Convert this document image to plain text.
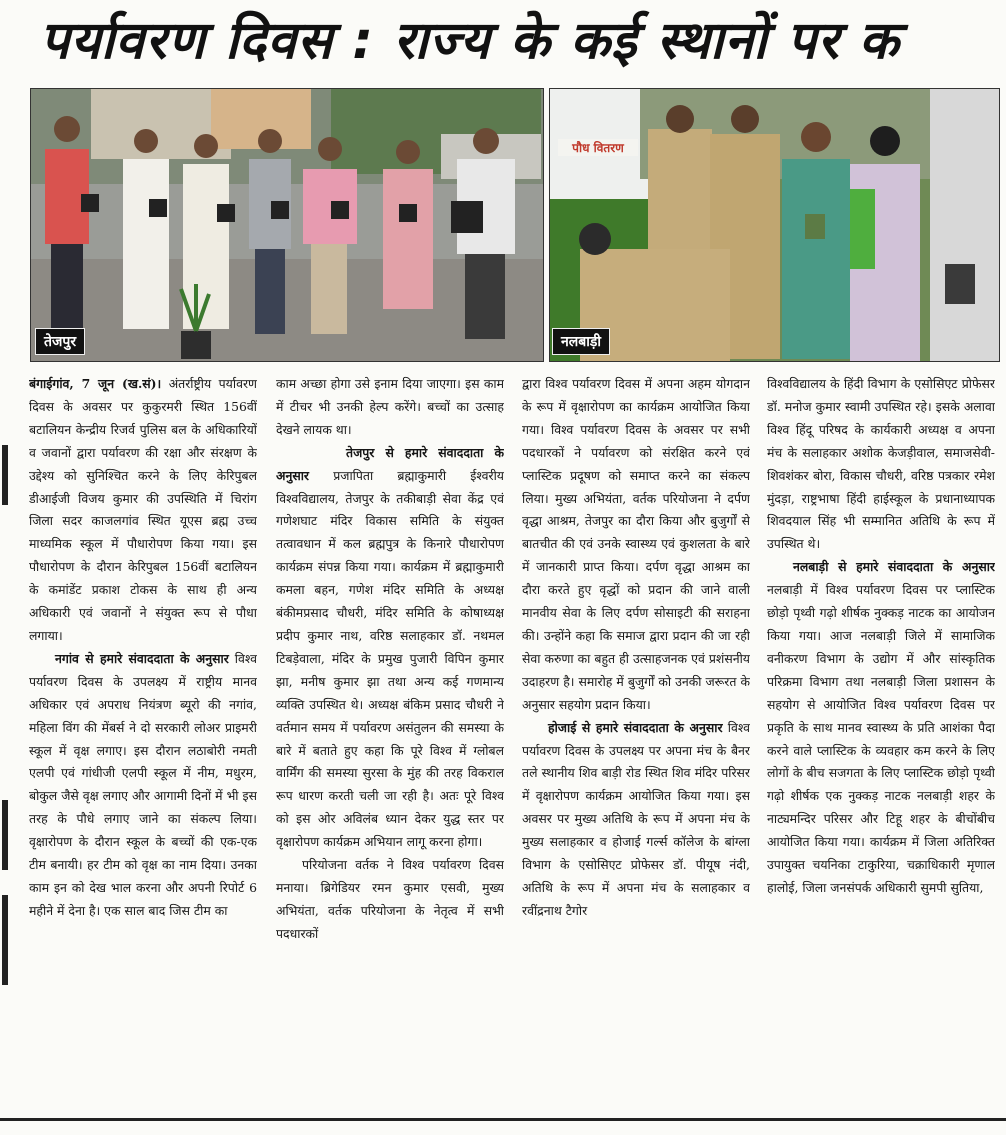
पर्यावरण दिवस : राज्य के कई स्थानों पर क
तेजपुर
पौध वितरण
नलबाड़ी

बंगाईगांव, 7 जून (ख.सं)। अंतर्राष्ट्रीय पर्यावरण दिवस के अवसर पर कुकुरमरी स्थित 156वीं बटालियन केन्द्रीय रिजर्व पुलिस बल के अधिकारियों व जवानों द्वारा पर्यावरण की रक्षा और संरक्षण के उद्देश्य को सुनिश्चित करने के लिए केरिपुबल डीआईजी विजय कुमार की उपस्थिति में चिरांग जिला सदर काजलगांव स्थित यूएस ब्रह्म उच्च माध्यमिक स्कूल में पौधारोपण किया गया। इस पौधारोपण के दौरान केरिपुबल 156वीं बटालियन के कमांडेंट प्रकाश टोकस के साथ ही अन्य अधिकारी एवं जवानों ने संयुक्त रूप से पौधा लगाया।

नगांव से हमारे संवाददाता के अनुसार विश्व पर्यावरण दिवस के उपलक्ष्य में राष्ट्रीय मानव अधिकार एवं अपराध नियंत्रण ब्यूरो की नगांव, महिला विंग की मेंबर्स ने दो सरकारी लोअर प्राइमरी स्कूल में वृक्ष लगाए। इस दौरान लठाबोरी नमती एलपी एवं गांधीजी एलपी स्कूल में नीम, मधुरम, बोकुल जैसे वृक्ष लगाए और आगामी दिनों में भी इस तरह के पौधे लगाए जाने का संकल्प लिया। वृक्षारोपण के दौरान स्कूल के बच्चों की एक-एक टीम बनायी। हर टीम को वृक्ष का नाम दिया। उनका काम इन को देख भाल करना और अपनी रिपोर्ट 6 महीने में देना है। एक साल बाद जिस टीम का

काम अच्छा होगा उसे इनाम दिया जाएगा। इस काम में टीचर भी उनकी हेल्प करेंगे। बच्चों का उत्साह देखने लायक था।

तेजपुर से हमारे संवाददाता के अनुसार प्रजापिता ब्रह्माकुमारी ईश्वरीय विश्वविद्यालय, तेजपुर के तकीबाड़ी सेवा केंद्र एवं गणेशघाट मंदिर विकास समिति के संयुक्त तत्वावधान में कल ब्रह्मपुत्र के किनारे पौधारोपण कार्यक्रम संपन्न किया गया। कार्यक्रम में ब्रह्माकुमारी कमला बहन, गणेश मंदिर समिति के अध्यक्ष बंकीमप्रसाद चौधरी, मंदिर समिति के कोषाध्यक्ष प्रदीप कुमार नाथ, वरिष्ठ सलाहकार डॉ. नथमल टिबड़ेवाला, मंदिर के प्रमुख पुजारी विपिन कुमार झा, मनीष कुमार झा तथा अन्य कई गणमान्य व्यक्ति उपस्थित थे। अध्यक्ष बंकिम प्रसाद चौधरी ने वर्तमान समय में पर्यावरण असंतुलन की समस्या के बारे में बताते हुए कहा कि पूरे विश्व में ग्लोबल वार्मिंग की समस्या सुरसा के मुंह की तरह विकराल रूप धारण करती चली जा रही है। अतः पूरे विश्व को इस ओर अविलंब ध्यान देकर युद्ध स्तर पर वृक्षारोपण कार्यक्रम अभियान लागू करना होगा।

परियोजना वर्तक ने विश्व पर्यावरण दिवस मनाया। ब्रिगेडियर रमन कुमार एसवी, मुख्य अभियंता, वर्तक परियोजना के नेतृत्व में सभी पदधारकों

द्वारा विश्व पर्यावरण दिवस में अपना अहम योगदान के रूप में वृक्षारोपण का कार्यक्रम आयोजित किया गया। विश्व पर्यावरण दिवस के अवसर पर सभी पदधारकों ने पर्यावरण को संरक्षित करने एवं प्लास्टिक प्रदूषण को समाप्त करने का संकल्प लिया। मुख्य अभियंता, वर्तक परियोजना ने दर्पण वृद्धा आश्रम, तेजपुर का दौरा किया और बुजुर्गों से बातचीत की एवं उनके स्वास्थ्य एवं कुशलता के बारे में जानकारी प्राप्त किया। दर्पण वृद्धा आश्रम का दौरा करते हुए वृद्धों को प्रदान की जाने वाली मानवीय सेवा के लिए दर्पण सोसाइटी की सराहना की। उन्होंने कहा कि समाज द्वारा प्रदान की जा रही सेवा करुणा का बहुत ही उत्साहजनक एवं प्रशंसनीय उदाहरण है। समारोह में बुजुर्गों को उनकी जरूरत के अनुसार सहयोग प्रदान किया।

होजाई से हमारे संवाददाता के अनुसार विश्व पर्यावरण दिवस के उपलक्ष्य पर अपना मंच के बैनर तले स्थानीय शिव बाड़ी रोड स्थित शिव मंदिर परिसर में वृक्षारोपण कार्यक्रम आयोजित किया गया। इस अवसर पर मुख्य अतिथि के रूप में अपना मंच के मुख्य सलाहकार व होजाई गर्ल्स कॉलेज के बांग्ला विभाग के एसोसिएट प्रोफेसर डॉ. पीयूष नंदी, अतिथि के रूप में अपना मंच के सलाहकार व रवींद्रनाथ टैगोर

विश्वविद्यालय के हिंदी विभाग के एसोसिएट प्रोफेसर डॉ. मनोज कुमार स्वामी उपस्थित रहे। इसके अलावा विश्व हिंदू परिषद के कार्यकारी अध्यक्ष व अपना मंच के सलाहकार अशोक केजड़ीवाल, समाजसेवी-शिवशंकर बोरा, विकास चौधरी, वरिष्ठ पत्रकार रमेश मुंदड़ा, राष्ट्रभाषा हिंदी हाईस्कूल के प्रधानाध्यापक शिवदयाल सिंह भी सम्मानित अतिथि के रूप में उपस्थित थे।

नलबाड़ी से हमारे संवाददाता के अनुसार नलबाड़ी में विश्व पर्यावरण दिवस पर प्लास्टिक छोड़ो पृथ्वी गढ़ो शीर्षक नुक्कड़ नाटक का आयोजन किया गया। आज नलबाड़ी जिले में सामाजिक वनीकरण विभाग के उद्योग में और सांस्कृतिक परिक्रमा विभाग तथा नलबाड़ी जिला प्रशासन के सहयोग से आयोजित विश्व पर्यावरण दिवस पर प्रकृति के साथ मानव स्वास्थ्य के प्रति आशंका पैदा करने वाले प्लास्टिक के व्यवहार कम करने के लिए लोगों के बीच सजगता के लिए प्लास्टिक छोड़ो पृथ्वी गढ़ो शीर्षक एक नुक्कड़ नाटक नलबाड़ी शहर के नाट्यमन्दिर परिसर और टिहू शहर के बीचोंबीच आयोजित किया गया। कार्यक्रम में जिला अतिरिक्त उपायुक्त चयनिका टाकुरिया, चक्राधिकारी मृणाल हालोई, जिला जनसंपर्क अधिकारी सुमपी सुतिया,
